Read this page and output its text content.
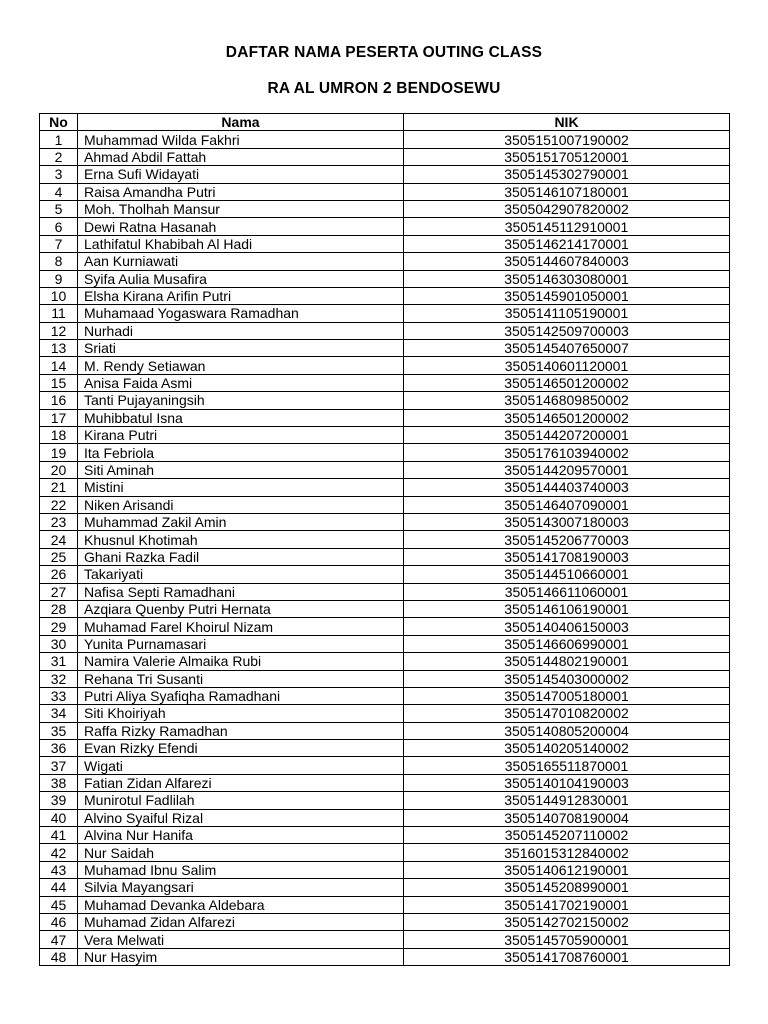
DAFTAR NAMA PESERTA OUTING CLASS
RA AL UMRON 2 BENDOSEWU
No	Nama	NIK
1	Muhammad Wilda Fakhri	3505151007190002
2	Ahmad Abdil Fattah	3505151705120001
3	Erna Sufi Widayati	3505145302790001
4	Raisa Amandha Putri	3505146107180001
5	Moh. Tholhah Mansur	3505042907820002
6	Dewi Ratna Hasanah	3505145112910001
7	Lathifatul Khabibah Al Hadi	3505146214170001
8	Aan Kurniawati	3505144607840003
9	Syifa Aulia Musafira	3505146303080001
10	Elsha Kirana Arifin Putri	3505145901050001
11	Muhamaad Yogaswara Ramadhan	3505141105190001
12	Nurhadi	3505142509700003
13	Sriati	3505145407650007
14	M. Rendy Setiawan	3505140601120001
15	Anisa Faida Asmi	3505146501200002
16	Tanti Pujayaningsih	3505146809850002
17	Muhibbatul Isna	3505146501200002
18	Kirana Putri	3505144207200001
19	Ita Febriola	3505176103940002
20	Siti Aminah	3505144209570001
21	Mistini	3505144403740003
22	Niken Arisandi	3505146407090001
23	Muhammad Zakil Amin	3505143007180003
24	Khusnul Khotimah	3505145206770003
25	Ghani Razka Fadil	3505141708190003
26	Takariyati	3505144510660001
27	Nafisa Septi Ramadhani	3505146611060001
28	Azqiara Quenby Putri Hernata	3505146106190001
29	Muhamad Farel Khoirul Nizam	3505140406150003
30	Yunita Purnamasari	3505146606990001
31	Namira Valerie Almaika Rubi	3505144802190001
32	Rehana Tri Susanti	3505145403000002
33	Putri Aliya Syafiqha Ramadhani	3505147005180001
34	Siti Khoiriyah	3505147010820002
35	Raffa Rizky Ramadhan	3505140805200004
36	Evan Rizky Efendi	3505140205140002
37	Wigati	3505165511870001
38	Fatian Zidan Alfarezi	3505140104190003
39	Munirotul Fadlilah	3505144912830001
40	Alvino Syaiful Rizal	3505140708190004
41	Alvina Nur Hanifa	3505145207110002
42	Nur Saidah	3516015312840002
43	Muhamad Ibnu Salim	3505140612190001
44	Silvia Mayangsari	3505145208990001
45	Muhamad Devanka Aldebara	3505141702190001
46	Muhamad Zidan Alfarezi	3505142702150002
47	Vera Melwati	3505145705900001
48	Nur Hasyim	3505141708760001
